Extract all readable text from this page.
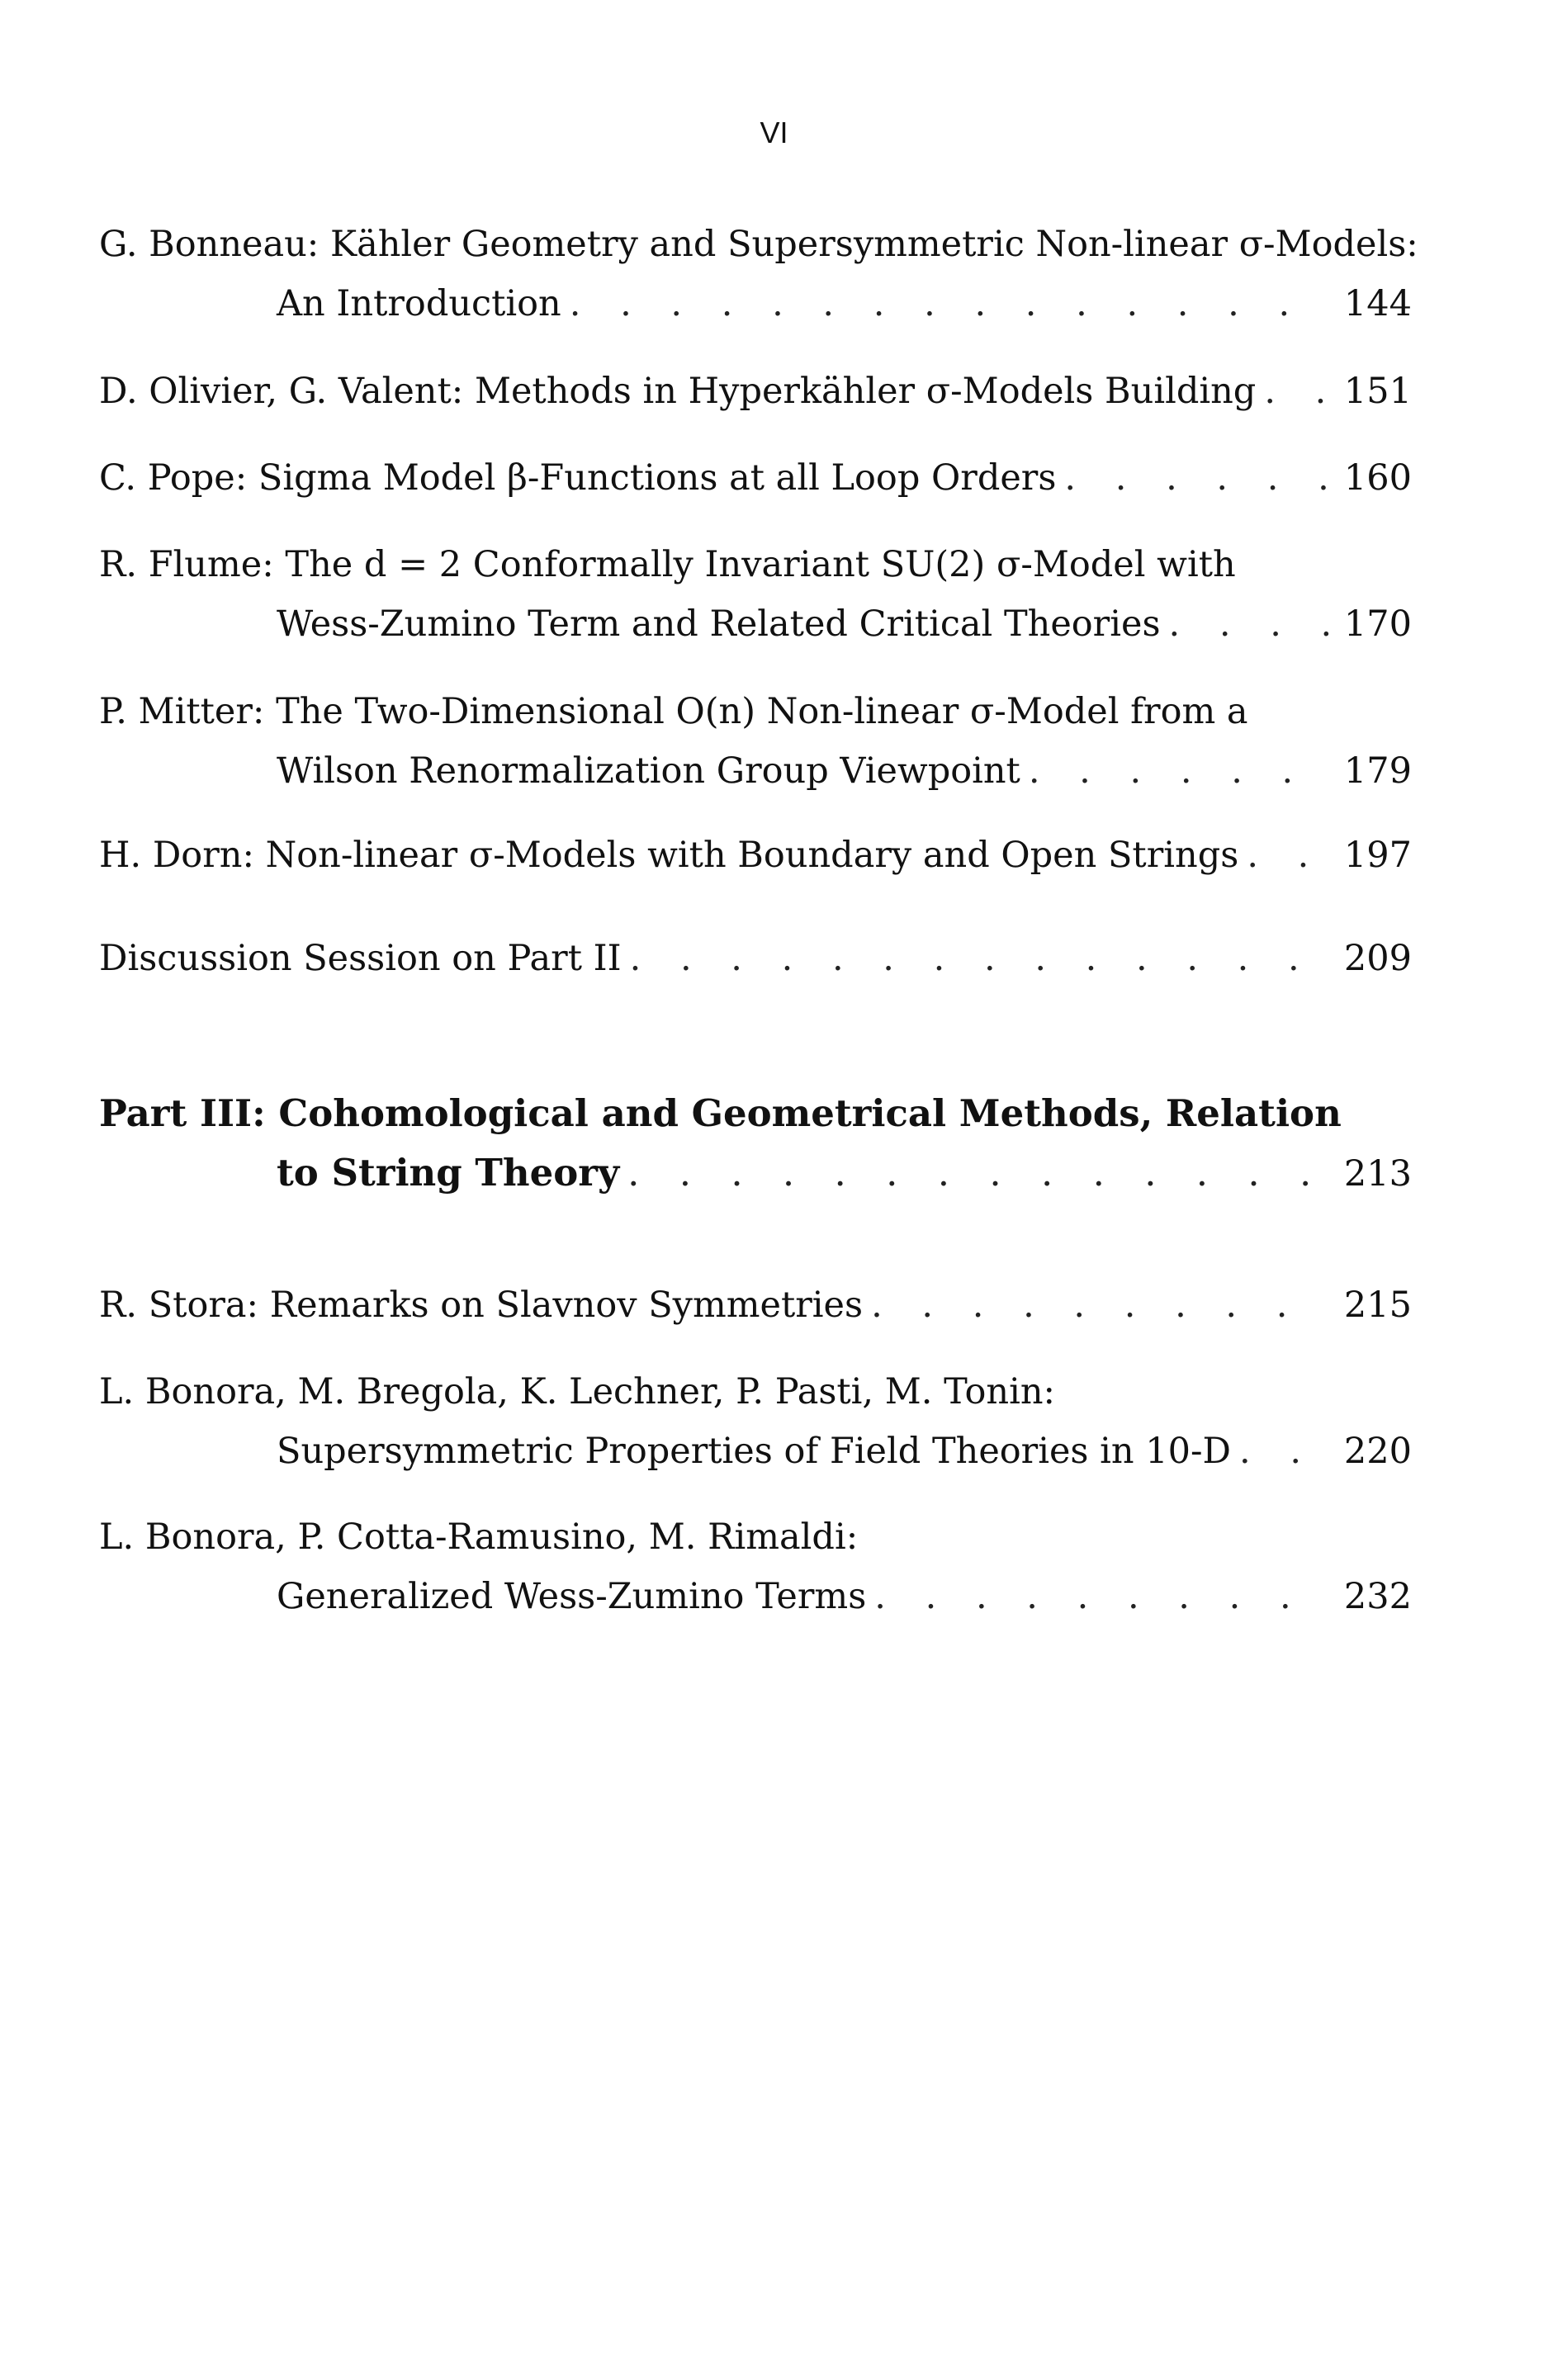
VI
G. Bonneau: Kähler Geometry and Supersymmetric Non-linear σ-Models:
An Introduction . . .	144
D. Olivier, G. Valent:
Methods in Hyperkähler σ-Models Building . . . 151
C. Pope:
Sigma Model β-Functions at all Loop Orders . . .	160
R. Flume: The d = 2 Conformally Invariant SU(2) σ-Model with
Wess-Zumino Term and Related Critical Theories . . .	170
P. Mitter: The Two-Dimensional O(n) Non-linear σ-Model from a
Wilson Renormalization Group Viewpoint . . .	179
H. Dorn:
Non-linear σ-Models with Boundary and Open Strings . . .	197
Discussion Session on Part II . . .	209
Part III: Cohomological and Geometrical Methods, Relation
to String Theory . . .	213
R. Stora:
Remarks on Slavnov Symmetries . . .	215
L. Bonora, M. Bregola, K. Lechner, P. Pasti, M. Tonin:
Supersymmetric Properties of Field Theories in 10-D . . .	220
L. Bonora, P. Cotta-Ramusino, M. Rimaldi:
Generalized Wess-Zumino Terms . . .	232
